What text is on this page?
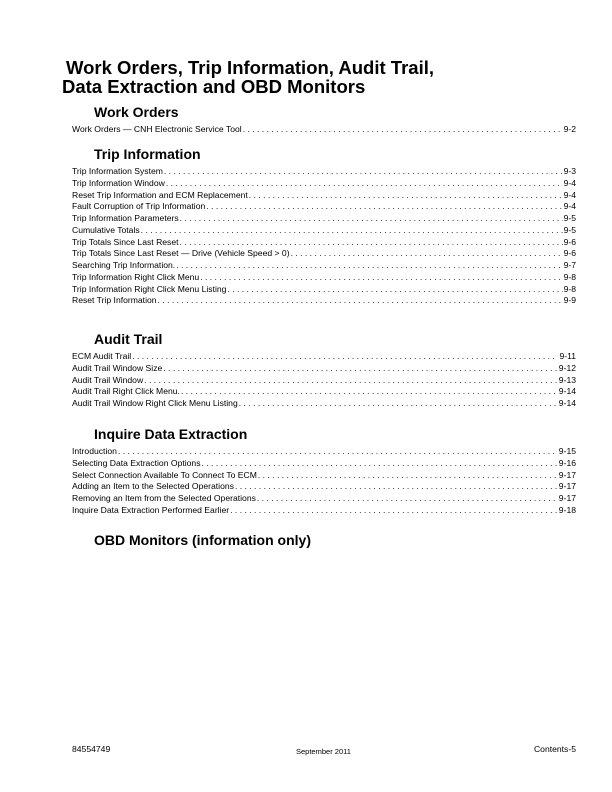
Work Orders, Trip Information, Audit Trail,
Data Extraction and OBD Monitors
Work Orders
Work Orders — CNH Electronic Service Tool . . .	9-2
Trip Information
Trip Information System . . .	9-3
Trip Information Window . . .	9-4
Reset Trip Information and ECM Replacement . . .	9-4
Fault Corruption of Trip Information . . .	9-4
Trip Information Parameters . . .	9-5
Cumulative Totals . . .	9-5
Trip Totals Since Last Reset . . .	9-6
Trip Totals Since Last Reset — Drive (Vehicle Speed > 0) . . .	9-6
Searching Trip Information. . . .	9-7
Trip Information Right Click Menu . . .	9-8
Trip Information Right Click Menu Listing . . .	9-8
Reset Trip Information . . .	9-9
Audit Trail
ECM Audit Trail . . .	9-11
Audit Trail Window Size . . .	9-12
Audit Trail Window . . .	9-13
Audit Trail Right Click Menu. . . .	9-14
Audit Trail Window Right Click Menu Listing . . .	9-14
Inquire Data Extraction
Introduction . . .	9-15
Selecting Data Extraction Options . . .	9-16
Select Connection Available To Connect To ECM . . .	9-17
Adding an Item to the Selected Operations . . .	9-17
Removing an Item from the Selected Operations . . .	9-17
Inquire Data Extraction Performed Earlier . . .	9-18
OBD Monitors (information only)
84554749	September 2011	Contents-5
